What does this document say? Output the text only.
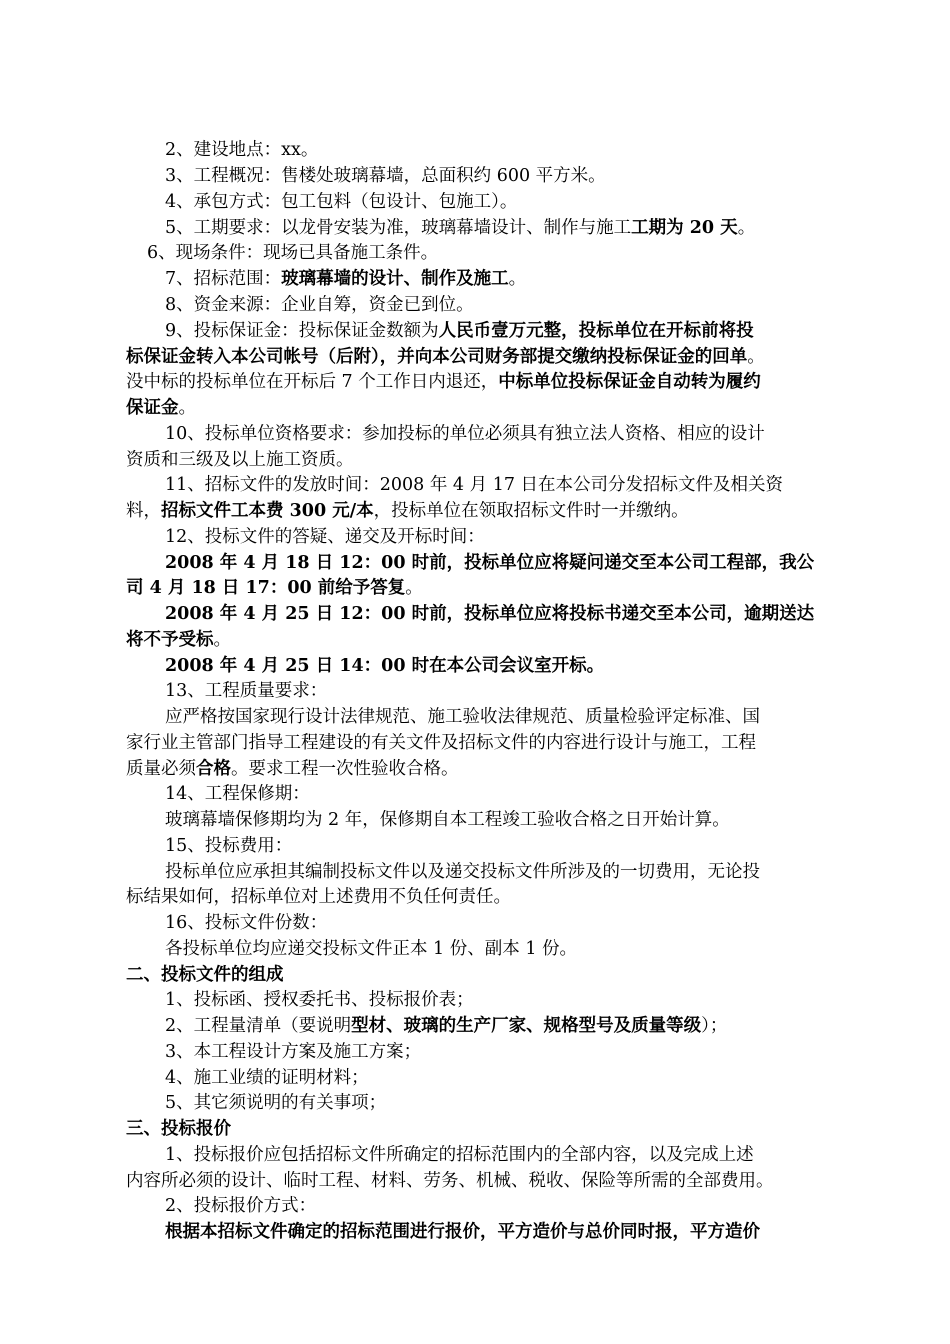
2、建设地点：xx。
3、工程概况：售楼处玻璃幕墙，总面积约 600 平方米。
4、承包方式：包工包料（包设计、包施工）。
5、工期要求：以龙骨安装为准，玻璃幕墙设计、制作与施工工期为 20 天。
6、现场条件：现场已具备施工条件。
7、招标范围：玻璃幕墙的设计、制作及施工。
8、资金来源：企业自筹，资金已到位。
9、投标保证金：投标保证金数额为人民币壹万元整，投标单位在开标前将投
标保证金转入本公司帐号（后附），并向本公司财务部提交缴纳投标保证金的回单。
没中标的投标单位在开标后 7 个工作日内退还，中标单位投标保证金自动转为履约
保证金。
10、投标单位资格要求：参加投标的单位必须具有独立法人资格、相应的设计
资质和三级及以上施工资质。
11、招标文件的发放时间：2008 年 4 月 17 日在本公司分发招标文件及相关资
料，招标文件工本费 300 元/本，投标单位在领取招标文件时一并缴纳。
12、投标文件的答疑、递交及开标时间：
2008 年 4 月 18 日 12：00 时前，投标单位应将疑问递交至本公司工程部，我公
司 4 月 18 日 17：00 前给予答复。
2008 年 4 月 25 日 12：00 时前，投标单位应将投标书递交至本公司，逾期送达
将不予受标。
2008 年 4 月 25 日 14：00 时在本公司会议室开标。
13、工程质量要求：
应严格按国家现行设计法律规范、施工验收法律规范、质量检验评定标准、国
家行业主管部门指导工程建设的有关文件及招标文件的内容进行设计与施工，工程
质量必须合格。要求工程一次性验收合格。
14、工程保修期：
玻璃幕墙保修期均为 2 年，保修期自本工程竣工验收合格之日开始计算。
15、投标费用：
投标单位应承担其编制投标文件以及递交投标文件所涉及的一切费用，无论投
标结果如何，招标单位对上述费用不负任何责任。
16、投标文件份数：
各投标单位均应递交投标文件正本 1 份、副本 1 份。
二、投标文件的组成
1、投标函、授权委托书、投标报价表；
2、工程量清单（要说明型材、玻璃的生产厂家、规格型号及质量等级）；
3、本工程设计方案及施工方案；
4、施工业绩的证明材料；
5、其它须说明的有关事项；
三、投标报价
1、投标报价应包括招标文件所确定的招标范围内的全部内容，以及完成上述
内容所必须的设计、临时工程、材料、劳务、机械、税收、保险等所需的全部费用。
2、投标报价方式：
根据本招标文件确定的招标范围进行报价，平方造价与总价同时报，平方造价
